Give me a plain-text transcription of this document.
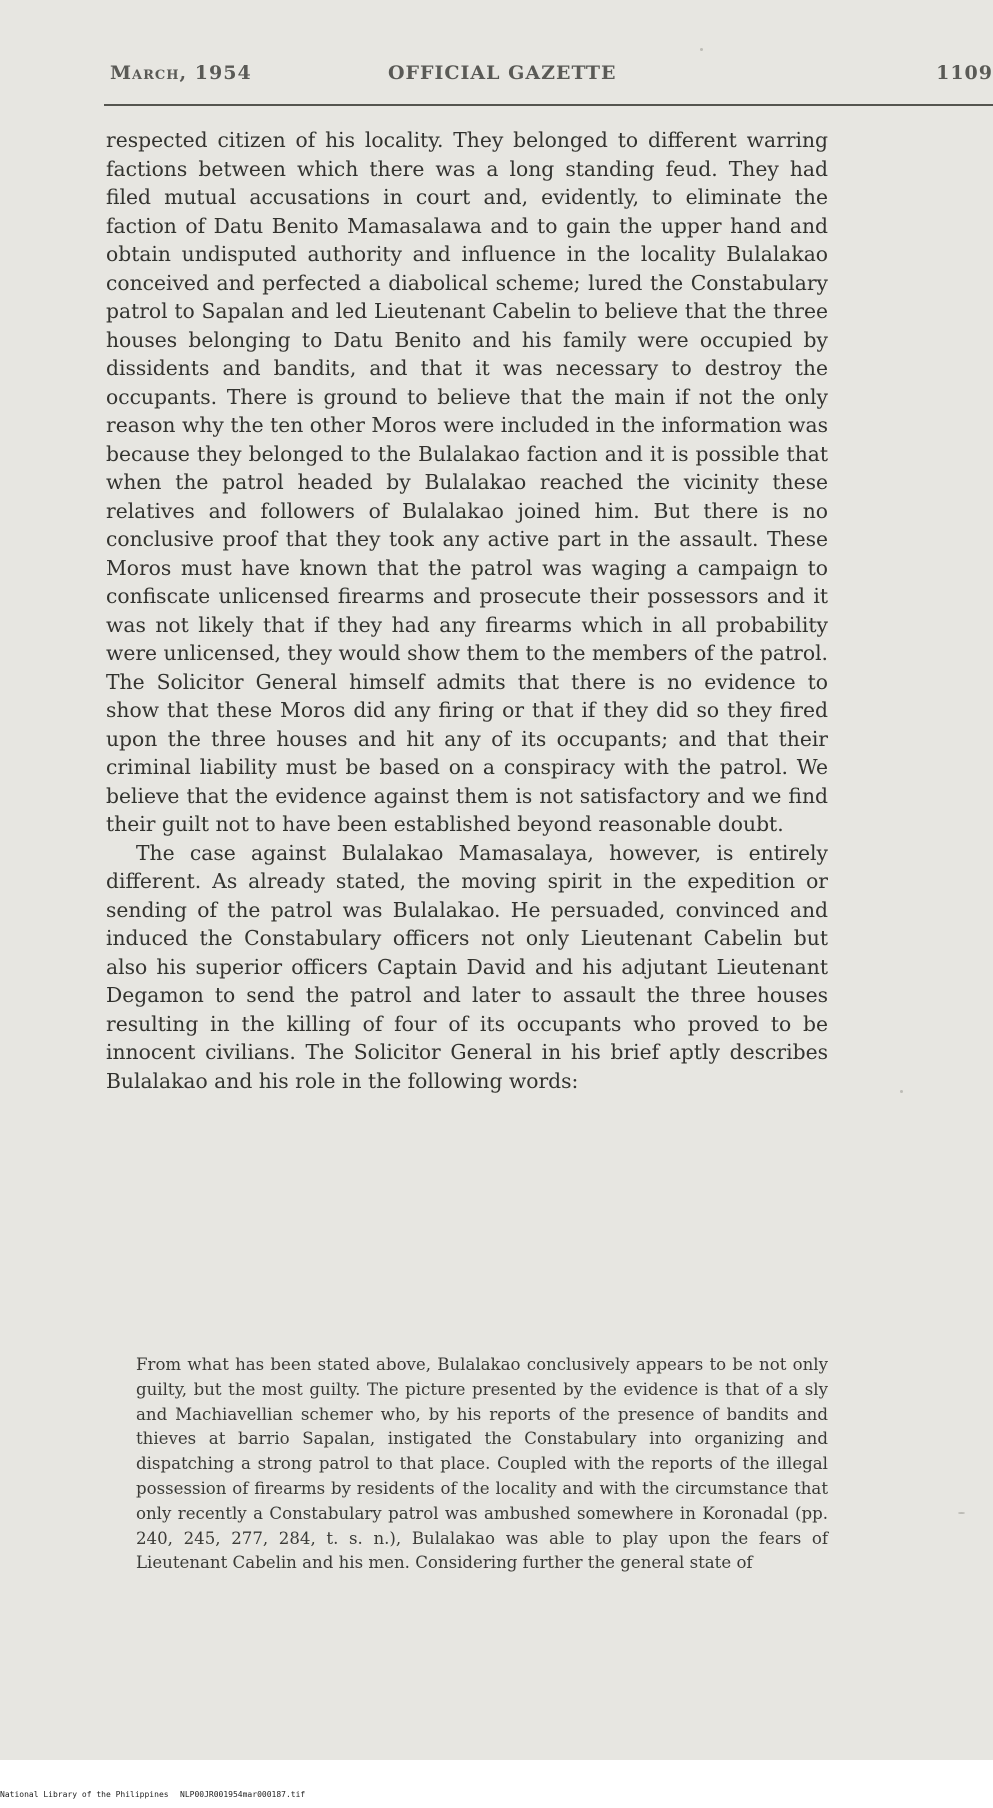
March, 1954	OFFICIAL GAZETTE	1109

respected citizen of his locality. They belonged to different warring factions between which there was a long standing feud. They had filed mutual accusations in court and, evidently, to eliminate the faction of Datu Benito Mamasalawa and to gain the upper hand and obtain undisputed authority and influence in the locality Bulalakao conceived and perfected a diabolical scheme; lured the Constabulary patrol to Sapalan and led Lieutenant Cabelin to believe that the three houses belonging to Datu Benito and his family were occupied by dissidents and bandits, and that it was necessary to destroy the occupants. There is ground to believe that the main if not the only reason why the ten other Moros were included in the information was because they belonged to the Bulalakao faction and it is possible that when the patrol headed by Bulalakao reached the vicinity these relatives and followers of Bulalakao joined him. But there is no conclusive proof that they took any active part in the assault. These Moros must have known that the patrol was waging a campaign to confiscate unlicensed firearms and prosecute their possessors and it was not likely that if they had any firearms which in all probability were unlicensed, they would show them to the members of the patrol. The Solicitor General himself admits that there is no evidence to show that these Moros did any firing or that if they did so they fired upon the three houses and hit any of its occupants; and that their criminal liability must be based on a conspiracy with the patrol. We believe that the evidence against them is not satisfactory and we find their guilt not to have been established beyond reasonable doubt.

The case against Bulalakao Mamasalaya, however, is entirely different. As already stated, the moving spirit in the expedition or sending of the patrol was Bulalakao. He persuaded, convinced and induced the Constabulary officers not only Lieutenant Cabelin but also his superior officers Captain David and his adjutant Lieutenant Degamon to send the patrol and later to assault the three houses resulting in the killing of four of its occupants who proved to be innocent civilians. The Solicitor General in his brief aptly describes Bulalakao and his role in the following words:

From what has been stated above, Bulalakao conclusively appears to be not only guilty, but the most guilty. The picture presented by the evidence is that of a sly and Machiavellian schemer who, by his reports of the presence of bandits and thieves at barrio Sapalan, instigated the Constabulary into organizing and dispatching a strong patrol to that place. Coupled with the reports of the illegal possession of firearms by residents of the locality and with the circumstance that only recently a Constabulary patrol was ambushed somewhere in Koronadal (pp. 240, 245, 277, 284, t. s. n.), Bulalakao was able to play upon the fears of Lieutenant Cabelin and his men. Considering further the general state of

National Library of the Philippines NLP00JR001954mar000187.tif
